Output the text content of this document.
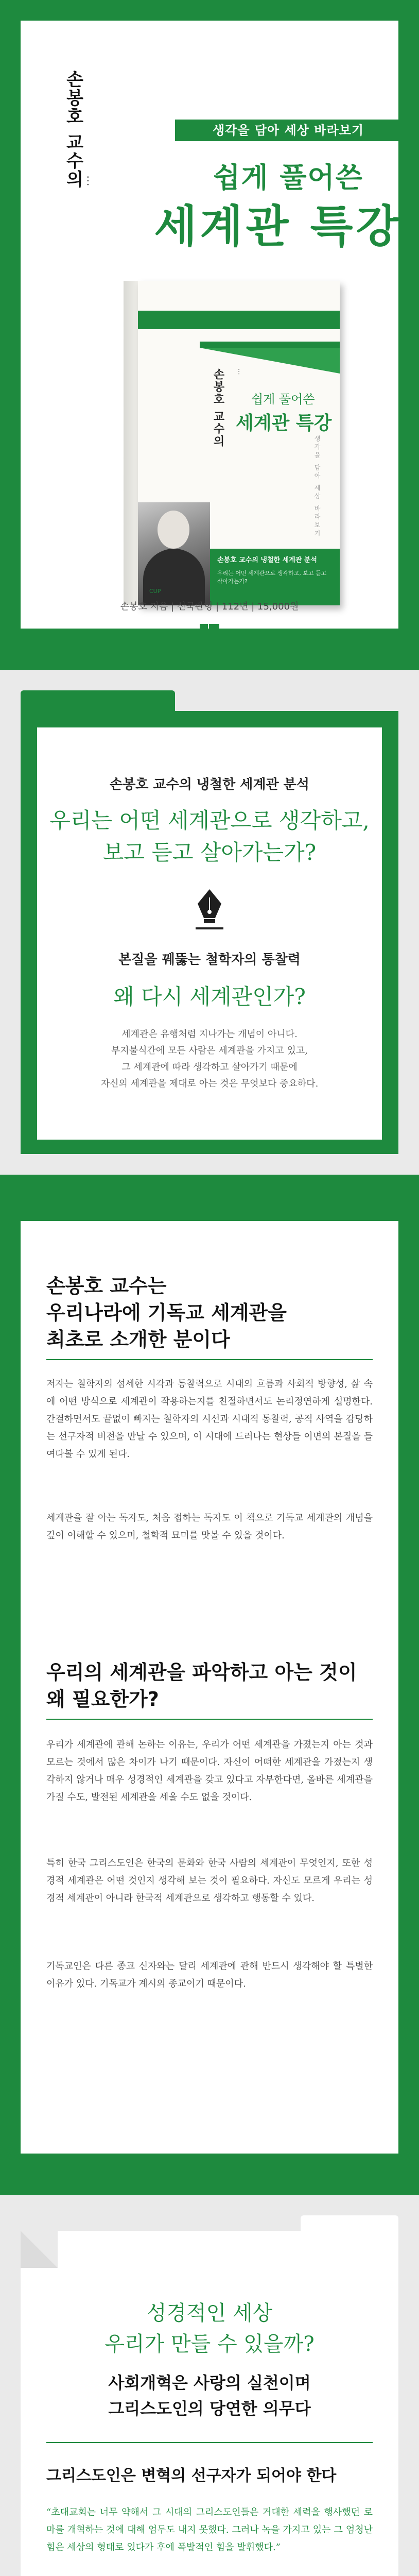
손봉호 교수의
⋯
생각을 담아 세상 바라보기
쉽게 풀어쓴
세계관 특강
손봉호 교수의 ⋯
쉽게 풀어쓴
세계관 특강
생각을 담아 세상 바라보기
손봉호 교수의 냉철한 세계관 분석
우리는 어떤 세계관으로 생각하고, 보고 듣고 살아가는가?
CUP
손봉호 지음 | 신국판형 | 112면 | 15,000원
손봉호 교수의 냉철한 세계관 분석
우리는 어떤 세계관으로 생각하고,
보고 듣고 살아가는가?
본질을 꿰뚫는 철학자의 통찰력
왜 다시 세계관인가?
세계관은 유행처럼 지나가는 개념이 아니다.
부지불식간에 모든 사람은 세계관을 가지고 있고,
그 세계관에 따라 생각하고 살아가기 때문에
자신의 세계관을 제대로 아는 것은 무엇보다 중요하다.
손봉호 교수는
우리나라에 기독교 세계관을
최초로 소개한 분이다
저자는 철학자의 섬세한 시각과 통찰력으로 시대의 흐름과 사회적 방향성, 삶 속에 어떤 방식으로 세계관이 작용하는지를 친절하면서도 논리정연하게 설명한다. 간결하면서도 끝없이 빠지는 철학자의 시선과 시대적 통찰력, 공적 사역을 감당하는 선구자적 비전을 만날 수 있으며, 이 시대에 드러나는 현상들 이면의 본질을 들여다볼 수 있게 된다.
세계관을 잘 아는 독자도, 처음 접하는 독자도 이 책으로 기독교 세계관의 개념을 깊이 이해할 수 있으며, 철학적 묘미를 맛볼 수 있을 것이다.
우리의 세계관을 파악하고 아는 것이
왜 필요한가?
우리가 세계관에 관해 논하는 이유는, 우리가 어떤 세계관을 가졌는지 아는 것과 모르는 것에서 많은 차이가 나기 때문이다. 자신이 어떠한 세계관을 가졌는지 생각하지 않거나 매우 성경적인 세계관을 갖고 있다고 자부한다면, 올바른 세계관을 가질 수도, 발전된 세계관을 세울 수도 없을 것이다.
특히 한국 그리스도인은 한국의 문화와 한국 사람의 세계관이 무엇인지, 또한 성경적 세계관은 어떤 것인지 생각해 보는 것이 필요하다. 자신도 모르게 우리는 성경적 세계관이 아니라 한국적 세계관으로 생각하고 행동할 수 있다.
기독교인은 다른 종교 신자와는 달리 세계관에 관해 반드시 생각해야 할 특별한 이유가 있다. 기독교가 계시의 종교이기 때문이다.
성경적인 세상
우리가 만들 수 있을까?
사회개혁은 사랑의 실천이며
그리스도인의 당연한 의무다
그리스도인은 변혁의 선구자가 되어야 한다
“초대교회는 너무 약해서 그 시대의 그리스도인들은 거대한 세력을 행사했던 로마를 개혁하는 것에 대해 엄두도 내지 못했다. 그러나 녹을 가지고 있는 그 엄청난 힘은 세상의 형태로 있다가 후에 폭발적인 힘을 발휘했다.”
